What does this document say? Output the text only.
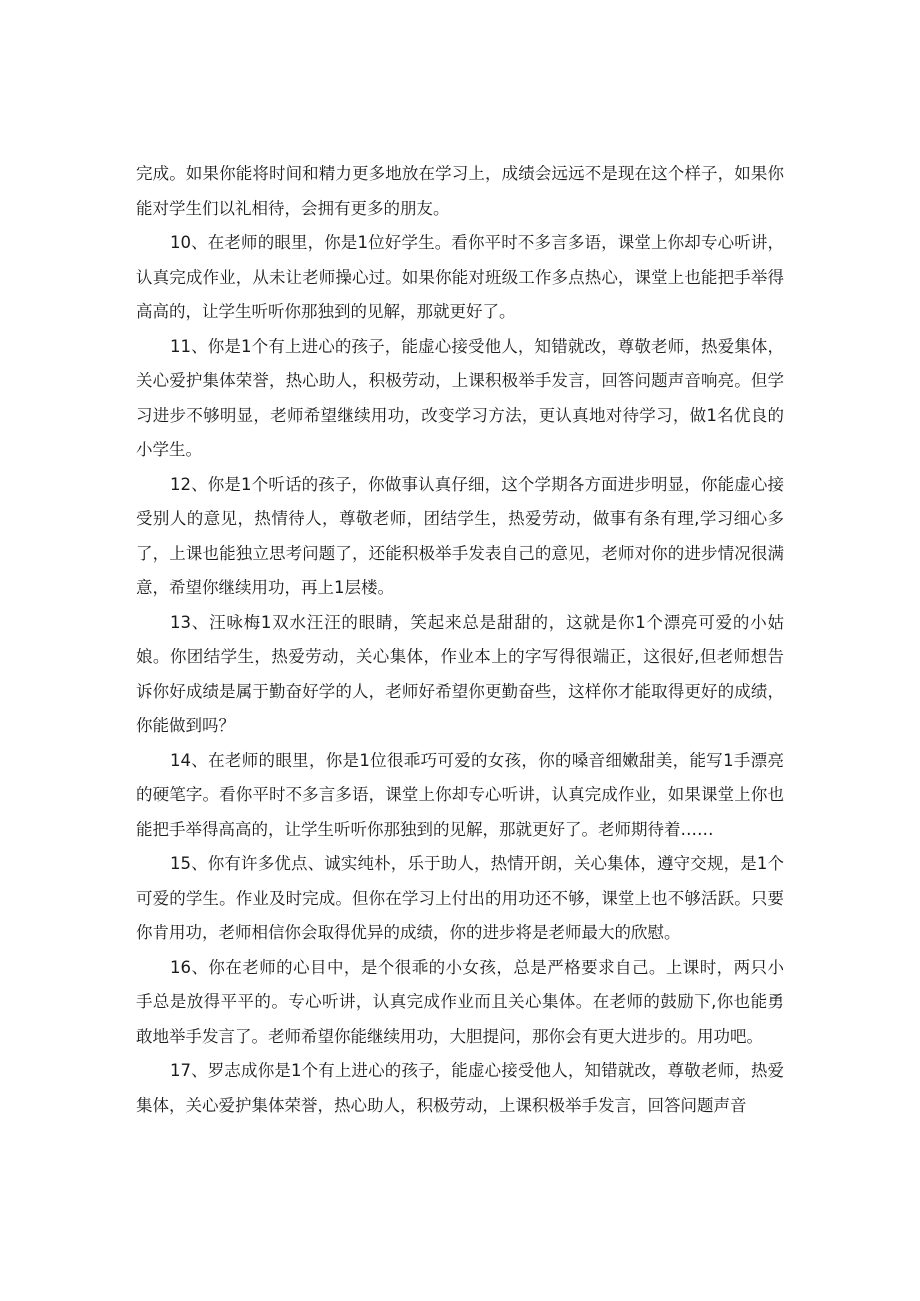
完成。如果你能将时间和精力更多地放在学习上，成绩会远远不是现在这个样子，如果你能对学生们以礼相待，会拥有更多的朋友。

10、在老师的眼里，你是1位好学生。看你平时不多言多语，课堂上你却专心听讲，认真完成作业，从未让老师操心过。如果你能对班级工作多点热心，课堂上也能把手举得高高的，让学生听听你那独到的见解，那就更好了。

11、你是1个有上进心的孩子，能虚心接受他人，知错就改，尊敬老师，热爱集体，关心爱护集体荣誉，热心助人，积极劳动，上课积极举手发言，回答问题声音响亮。但学习进步不够明显，老师希望继续用功，改变学习方法，更认真地对待学习，做1名优良的小学生。

12、你是1个听话的孩子，你做事认真仔细，这个学期各方面进步明显，你能虚心接受别人的意见，热情待人，尊敬老师，团结学生，热爱劳动，做事有条有理,学习细心多了，上课也能独立思考问题了，还能积极举手发表自己的意见，老师对你的进步情况很满意，希望你继续用功，再上1层楼。

13、汪咏梅1双水汪汪的眼睛，笑起来总是甜甜的，这就是你1个漂亮可爱的小姑娘。你团结学生，热爱劳动，关心集体，作业本上的字写得很端正，这很好,但老师想告诉你好成绩是属于勤奋好学的人，老师好希望你更勤奋些，这样你才能取得更好的成绩，你能做到吗？

14、在老师的眼里，你是1位很乖巧可爱的女孩，你的嗓音细嫩甜美，能写1手漂亮的硬笔字。看你平时不多言多语，课堂上你却专心听讲，认真完成作业，如果课堂上你也能把手举得高高的，让学生听听你那独到的见解，那就更好了。老师期待着……

15、你有许多优点、诚实纯朴，乐于助人，热情开朗，关心集体，遵守交规，是1个可爱的学生。作业及时完成。但你在学习上付出的用功还不够，课堂上也不够活跃。只要你肯用功，老师相信你会取得优异的成绩，你的进步将是老师最大的欣慰。

16、你在老师的心目中，是个很乖的小女孩，总是严格要求自己。上课时，两只小手总是放得平平的。专心听讲，认真完成作业而且关心集体。在老师的鼓励下,你也能勇敢地举手发言了。老师希望你能继续用功，大胆提问，那你会有更大进步的。用功吧。

17、罗志成你是1个有上进心的孩子，能虚心接受他人，知错就改，尊敬老师，热爱集体，关心爱护集体荣誉，热心助人，积极劳动，上课积极举手发言，回答问题声音
